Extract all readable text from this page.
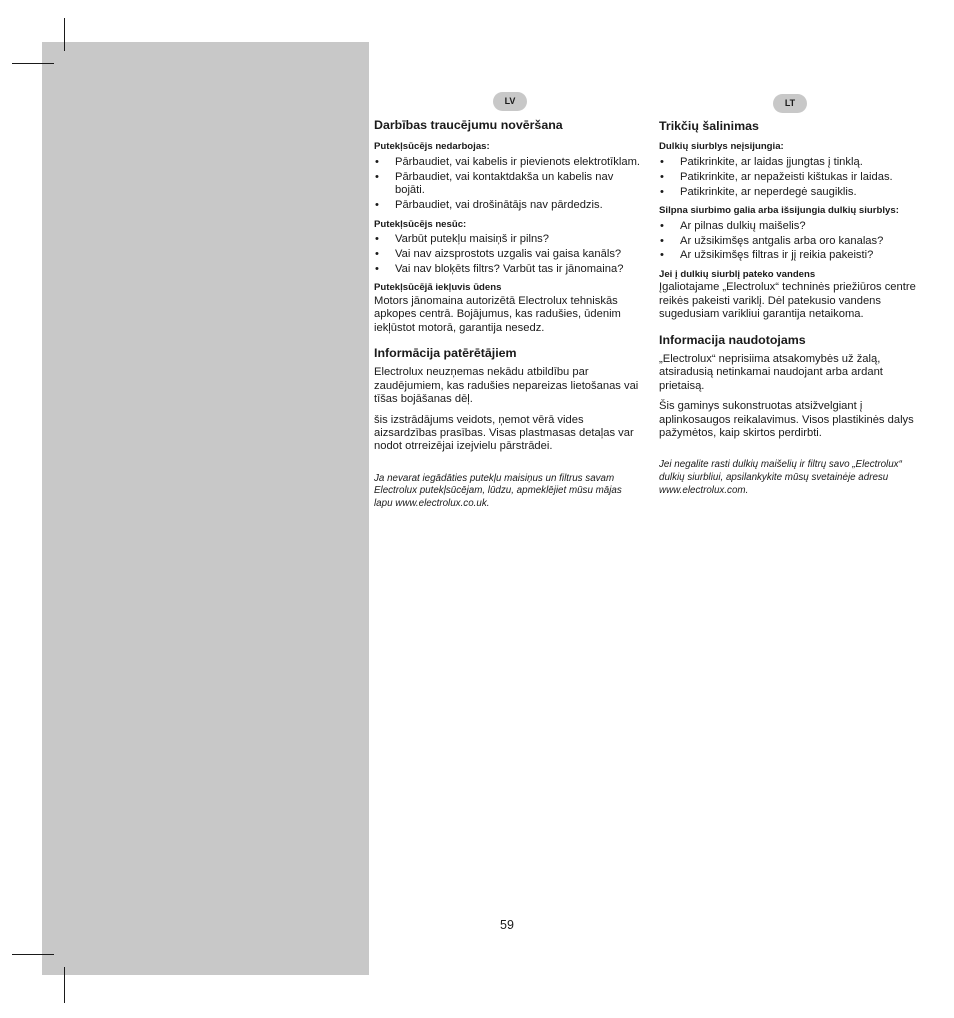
LV
Darbības traucējumu novēršana
Putekļsūcējs nedarbojas:
• Pārbaudiet, vai kabelis ir pievienots elektrotīklam.
• Pārbaudiet, vai kontaktdakša un kabelis nav bojāti.
• Pārbaudiet, vai drošinātājs nav pārdedzis.
Putekļsūcējs nesūc:
• Varbūt putekļu maisiņš ir pilns?
• Vai nav aizsprostots uzgalis vai gaisa kanāls?
• Vai nav bloķēts filtrs? Varbūt tas ir jānomaina?
Putekļsūcējā iekļuvis ūdens

Motors jānomaina autorizētā Electrolux tehniskās apkopes centrā. Bojājumus, kas radušies, ūdenim iekļūstot motorā, garantija nesedz.

Informācija patērētājiem

Electrolux neuzņemas nekādu atbildību par zaudējumiem, kas radušies nepareizas lietošanas vai tīšas bojāšanas dēļ.

šis izstrādājums veidots, ņemot vērā vides aizsardzības prasības. Visas plastmasas detaļas var nodot otrreizējai izejvielu pārstrādei.

Ja nevarat iegādāties putekļu maisiņus un filtrus savam Electrolux putekļsūcējam, lūdzu, apmeklējiet mūsu mājas lapu www.electrolux.co.uk.

LT
Trikčių šalinimas
Dulkių siurblys neįsijungia:
• Patikrinkite, ar laidas įjungtas į tinklą.
• Patikrinkite, ar nepažeisti kištukas ir laidas.
• Patikrinkite, ar neperdegė saugiklis.
Silpna siurbimo galia arba išsijungia dulkių siurblys:
• Ar pilnas dulkių maišelis?
• Ar užsikimšęs antgalis arba oro kanalas?
• Ar užsikimšęs filtras ir jį reikia pakeisti?
Jei į dulkių siurblį pateko vandens

Įgaliotajame „Electrolux“ techninės priežiūros centre reikės pakeisti variklį. Dėl patekusio vandens sugedusiam varikliui garantija netaikoma.

Informacija naudotojams

„Electrolux“ neprisiima atsakomybės už žalą, atsiradusią netinkamai naudojant arba ardant prietaisą.

Šis gaminys sukonstruotas atsižvelgiant į aplinkosaugos reikalavimus. Visos plastikinės dalys pažymėtos, kaip skirtos perdirbti.

Jei negalite rasti dulkių maišelių ir filtrų savo „Electrolux“ dulkių siurbliui, apsilankykite mūsų svetainėje adresu www.electrolux.com.

59
